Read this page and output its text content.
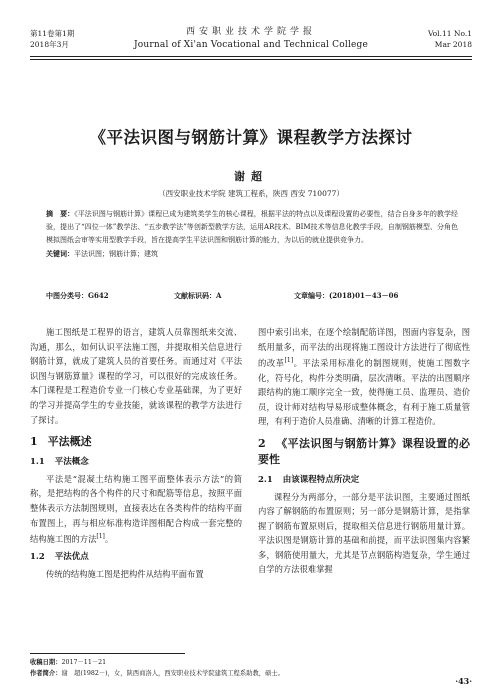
第11卷第1期
2018年3月
西安职业技术学院学报
Journal of Xi'an Vocational and Technical College
Vol.11 No.1
Mar 2018
《平法识图与钢筋计算》课程教学方法探讨
谢超
（西安职业技术学院 建筑工程系，陕西 西安 710077）
摘　要：《平法识图与钢筋计算》课程已成为建筑类学生的核心课程，根据平法的特点以及课程设置的必要性，结合自身多年的教学经验，提出了“四位一体”教学法、“五步教学法”等创新型教学方法，运用AR技术、BIM技术等信息化教学手段，自制钢筋模型、分角色模拟图纸会审等实用型教学手段，旨在提高学生平法识图和钢筋计算的能力，为以后的就业提供竞争力。
关键词：平法识图；钢筋计算；建筑
中图分类号：G642	文献标识码：A	文章编号：(2018)01－43－06

施工图纸是工程界的语言，建筑人员靠图纸来交流、沟通，那么，如何认识平法施工图，并提取相关信息进行钢筋计算，就成了建筑人员的首要任务。而通过对《平法识图与钢筋算量》课程的学习，可以很好的完成该任务。本门课程是工程造价专业一门核心专业基础课，为了更好的学习并提高学生的专业技能，就该课程的教学方法进行了探讨。

1 平法概述
1.1 平法概念

平法是“混凝土结构施工图平面整体表示方法”的简称，是把结构的各个构件的尺寸和配筋等信息，按照平面整体表示方法制图规则，直接表达在各类构件的结构平面布置图上，再与相应标准构造详图相配合构成一套完整的结构施工图的方法[1]。

1.2 平法优点

传统的结构施工图是把构件从结构平面布置

图中索引出来，在逐个绘制配筋详图，图面内容复杂，图纸用量多，而平法的出现将施工图设计方法进行了彻底性的改革[1]。平法采用标准化的制图规则，使施工图数字化，符号化，构件分类明确，层次清晰。平法的出图顺序跟结构的施工顺序完全一致，使得施工员、监理员、造价员，设计师对结构导易形成整体概念，有利于施工质量管理，有利于造价人员准确、清晰的计算工程造价。

2 《平法识图与钢筋计算》课程设置的必要性
2.1 由该课程特点所决定

课程分为两部分，一部分是平法识图，主要通过图纸内容了解钢筋的布置原则；另一部分是钢筋计算，是指掌握了钢筋布置原则后，提取相关信息进行钢筋用量计算。平法识图是钢筋计算的基础和前提，而平法识图集内容繁多，钢筋使用量大，尤其是节点钢筋构造复杂，学生通过自学的方法很难掌握

收稿日期：2017－11－21
作者简介：谢　超(1982－)，女，陕西商洛人，西安职业技术学院建筑工程系助教，硕士。
·43·
